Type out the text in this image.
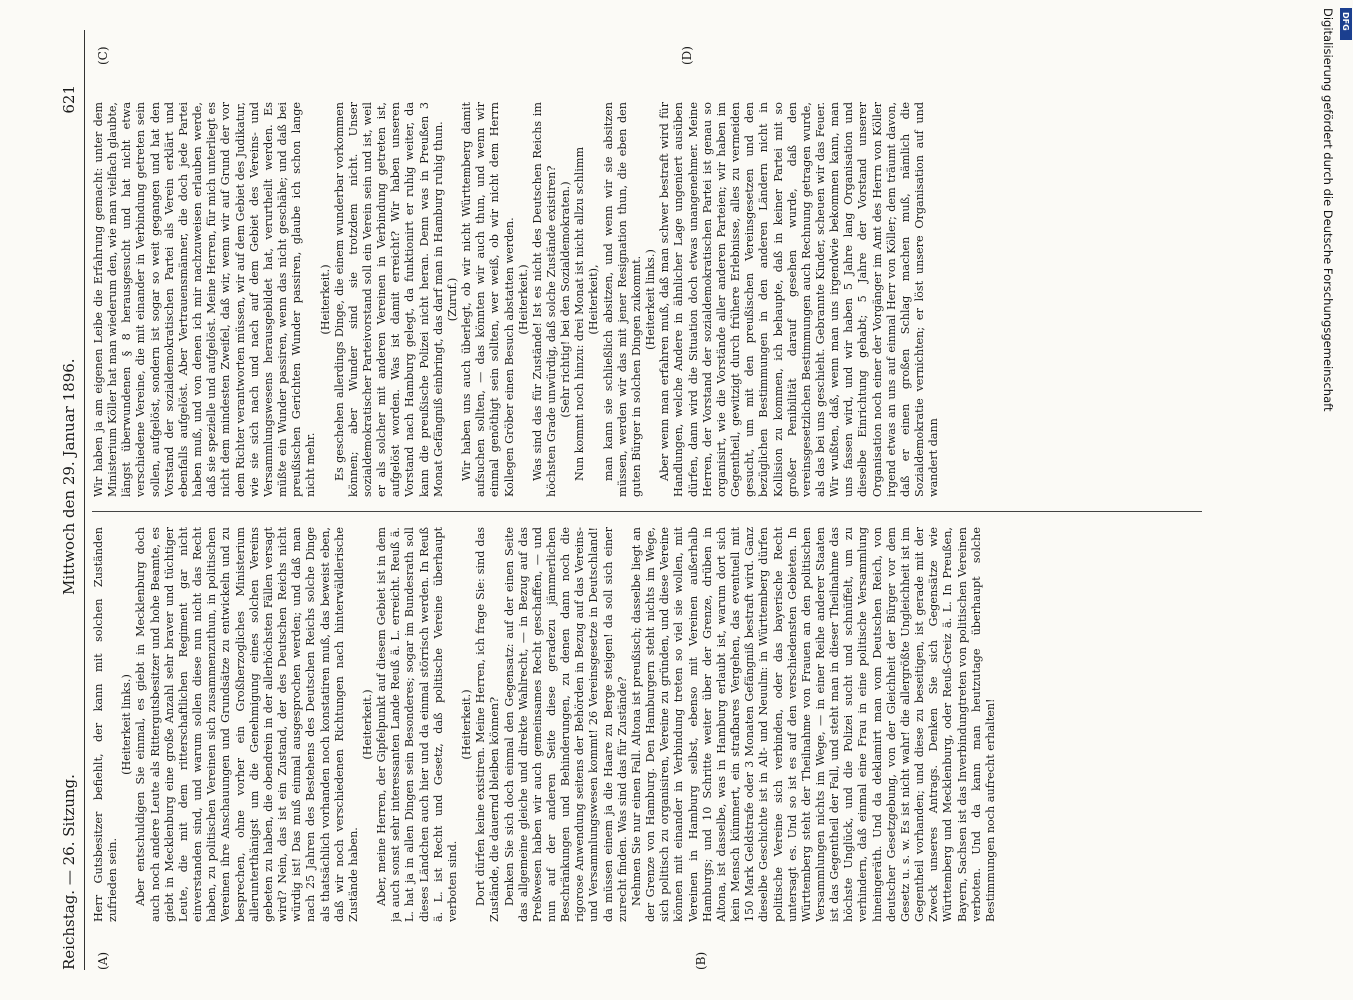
Reichstag. — 26. Sitzung.
Mittwoch den 29. Januar 1896.
621
(A)	(B)
(C)	(D)

Herr Gutsbesitzer befiehlt, der kann mit solchen Zuständen zufrieden sein.

(Heiterkeit links.) Aber entschuldigen Sie einmal, es giebt in Mecklenburg doch auch noch andere Leute als Rittergutsbesitzer und hohe Beamte, es giebt in Mecklenburg eine große Anzahl sehr braver und tüchtiger Leute, die mit dem ritterschaftlichen Regiment gar nicht einverstanden sind, und warum sollen diese nun nicht das Recht haben, zu politischen Vereinen sich zusammenzuthun, in politischen Vereinen ihre Anschauungen und Grundsätze zu entwickeln und zu besprechen, ohne vorher ein Großherzogliches Ministerium allerunterthänigst um die Genehmigung eines solchen Vereins gebeten zu haben, die obendrein in der allerhöchsten Fällen versagt wird? Nein, das ist ein Zustand, der des Deutschen Reichs nicht würdig ist! Das muß einmal ausgesprochen werden; und daß man nach 25 Jahren des Bestehens des Deutschen Reichs solche Dinge als thatsächlich vorhanden noch konstatiren muß, das beweist eben, daß wir noch verschiedenen Richtungen nach hinterwäldlerische Zustände haben.

(Heiterkeit.) Aber, meine Herren, der Gipfelpunkt auf diesem Gebiet ist in dem ja auch sonst sehr interessanten Lande Reuß ä. L. erreicht. Reuß ä. L. hat ja in allen Dingen sein Besonderes; sogar im Bundesrath soll dieses Ländchen auch hier und da einmal störrisch werden. In Reuß ä. L. ist Recht und Gesetz, daß politische Vereine überhaupt verboten sind.

(Heiterkeit.) Dort dürfen keine existiren. Meine Herren, ich frage Sie: sind das Zustände, die dauernd bleiben können? Denken Sie sich doch einmal den Gegensatz: auf der einen Seite das allgemeine gleiche und direkte Wahlrecht, — in Bezug auf das Preßwesen haben wir auch gemeinsames Recht geschaffen, — und nun auf der anderen Seite diese geradezu jämmerlichen Beschränkungen und Behinderungen, zu denen dann noch die rigorose Anwendung seitens der Behörden in Bezug auf das Vereins- und Versammlungswesen kommt! 26 Vereinsgesetze in Deutschland! da müssen einem ja die Haare zu Berge steigen! da soll sich einer zurecht finden. Was sind das für Zustände? Nehmen Sie nur einen Fall. Altona ist preußisch; dasselbe liegt an der Grenze von Hamburg. Den Hamburgern steht nichts im Wege, sich politisch zu organisiren, Vereine zu gründen, und diese Vereine können mit einander in Verbindung treten so viel sie wollen, mit Vereinen in Hamburg selbst, ebenso mit Vereinen außerhalb Hamburgs; und 10 Schritte weiter über der Grenze, drüben in Altona, ist dasselbe, was in Hamburg erlaubt ist, warum dort sich kein Mensch kümmert, ein strafbares Vergehen, das eventuell mit 150 Mark Geldstrafe oder 3 Monaten Gefängniß bestraft wird. Ganz dieselbe Geschichte ist in Alt- und Neuulm: in Württemberg dürfen politische Vereine sich verbinden, oder das bayerische Recht untersagt es. Und so ist es auf den verschiedensten Gebieten. In Württemberg steht der Theilnahme von Frauen an den politischen Versammlungen nichts im Wege, — in einer Reihe anderer Staaten ist das Gegentheil der Fall, und steht man in dieser Theilnahme das höchste Unglück, und die Polizei sucht und schnüffelt, um zu verhindern, daß einmal eine Frau in eine politische Versammlung hineingeräth. Und da deklamirt man vom Deutschen Reich, von deutscher Gesetzgebung, von der Gleichheit der Bürger vor dem Gesetz u. s. w. Es ist nicht wahr! die allergrößte Ungleichheit ist im Gegentheil vorhanden; und diese zu beseitigen, ist gerade mit der Zweck unseres Antrags. Denken Sie sich Gegensätze wie Württemberg und Mecklenburg, oder Reuß-Greiz ä. L. In Preußen, Bayern, Sachsen ist das Inverbindungtreten von politischen Vereinen verboten. Und da kann man heutzutage überhaupt solche Bestimmungen noch aufrecht erhalten!

Wir haben ja am eigenen Leibe die Erfahrung gemacht: unter dem Ministerium Köller hat man wiederum den, wie man vielfach glaubte, längst überwundenen § 8 herausgesucht und hat nicht etwa verschiedene Vereine, die mit einander in Verbindung getreten sein sollen, aufgelöst, sondern ist sogar so weit gegangen und hat den Vorstand der sozialdemokratischen Partei als Verein erklärt und ebenfalls aufgelöst. Aber Vertrauensmänner, die doch jede Partei haben muß, und von denen ich mir nachzuweisen erlauben werde, daß sie spezielle und aufgelöst. Meine Herren, für mich unterliegt es nicht dem mindesten Zweifel, daß wir, wenn wir auf Grund der vor dem Richter verantworten müssen, wir auf dem Gebiet des Judikatur, wie sie sich nach und nach auf dem Gebiet des Vereins- und Versammlungswesens herausgebildet hat, verurtheilt werden. Es müßte ein Wunder passiren, wenn das nicht geschähe; und daß bei preußischen Gerichten Wunder passiren, glaube ich schon lange nicht mehr.

(Heiterkeit.) Es geschehen allerdings Dinge, die einem wunderbar vorkommen können; aber Wunder sind sie trotzdem nicht. Unser sozialdemokratischer Parteivorstand soll ein Verein sein und ist, weil er als solcher mit anderen Vereinen in Verbindung getreten ist, aufgelöst worden. Was ist damit erreicht? Wir haben unseren Vorstand nach Hamburg gelegt, da funktionirt er ruhig weiter, da kann die preußische Polizei nicht heran. Denn was in Preußen 3 Monat Gefängniß einbringt, das darf man in Hamburg ruhig thun. (Zuruf.) Wir haben uns auch überlegt, ob wir nicht Württemberg damit aufsuchen sollten, — das könnten wir auch thun, und wenn wir einmal genöthigt sein sollten, wer weiß, ob wir nicht dem Herrn Kollegen Gröber einen Besuch abstatten werden. (Heiterkeit.) Was sind das für Zustände! Ist es nicht des Deutschen Reichs im höchsten Grade unwürdig, daß solche Zustände existiren? (Sehr richtig! bei den Sozialdemokraten.) Nun kommt noch hinzu: drei Monat ist nicht allzu schlimm (Heiterkeit), man kann sie schließlich absitzen, und wenn wir sie absitzen müssen, werden wir das mit jener Resignation thun, die eben den guten Bürger in solchen Dingen zukommt. (Heiterkeit links.) Aber wenn man erfahren muß, daß man schwer bestraft wird für Handlungen, welche Andere in ähnlicher Lage ungeniert ausüben dürfen, dann wird die Situation doch etwas unangenehmer. Meine Herren, der Vorstand der sozialdemokratischen Partei ist genau so organisirt, wie die Vorstände aller anderen Parteien; wir haben im Gegentheil, gewitzigt durch frühere Erlebnisse, alles zu vermeiden gesucht, um mit den preußischen Vereinsgesetzen und den bezüglichen Bestimmungen in den anderen Ländern nicht in Kollision zu kommen, ich behaupte, daß in keiner Partei mit so großer Penibilität darauf gesehen wurde, daß den vereinsgesetzlichen Bestimmungen auch Rechnung getragen wurde, als das bei uns geschieht. Gebrannte Kinder, scheuen wir das Feuer. Wir wußten, daß, wenn man uns irgendwie bekommen kann, man uns fassen wird, und wir haben 5 Jahre lang Organisation und dieselbe Einrichtung gehabt; 5 Jahre der Vorstand unserer Organisation noch einer der Vorgänger im Amt des Herrn von Köller irgend etwas an uns auf einmal Herr von Köller; dem träumt davon, daß er einen großen Schlag machen muß, nämlich die Sozialdemokratie vernichten; er löst unsere Organisation auf und wandert dann

Digitalisierung gefördert durch die Deutsche Forschungsgemeinschaft DFG
